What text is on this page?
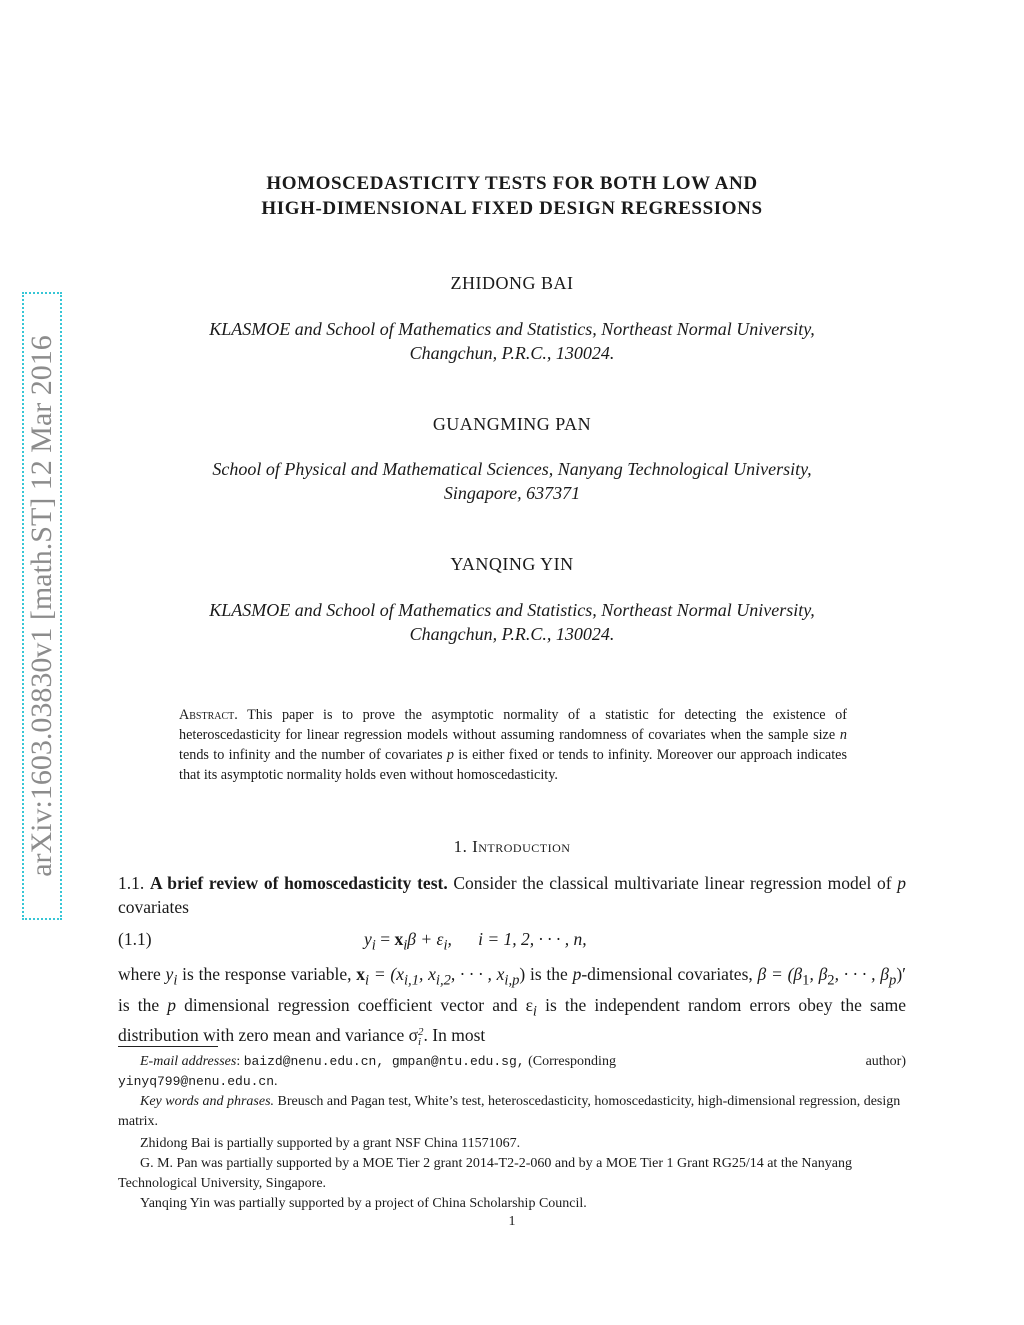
arXiv:1603.03830v1 [math.ST] 12 Mar 2016
HOMOSCEDASTICITY TESTS FOR BOTH LOW AND
HIGH-DIMENSIONAL FIXED DESIGN REGRESSIONS
ZHIDONG BAI
KLASMOE and School of Mathematics and Statistics, Northeast Normal University,
Changchun, P.R.C., 130024.
GUANGMING PAN
School of Physical and Mathematical Sciences, Nanyang Technological University,
Singapore, 637371
YANQING YIN
KLASMOE and School of Mathematics and Statistics, Northeast Normal University,
Changchun, P.R.C., 130024.
Abstract. This paper is to prove the asymptotic normality of a statistic for detecting the existence of heteroscedasticity for linear regression models without assuming randomness of covariates when the sample size n tends to infinity and the number of covariates p is either fixed or tends to infinity. Moreover our approach indicates that its asymptotic normality holds even without homoscedasticity.
1. Introduction
1.1. A brief review of homoscedasticity test. Consider the classical multivariate linear regression model of p covariates
(1.1)	$y_i = x_i\beta + \varepsilon_i$,      i = 1, 2, · · · , n,
where $y_i$ is the response variable, $x_i = (x_{i,1}$, $x_{i,2}$, · · · , $x_{i,p}$) is the p-dimensional covariates, $\beta = (\beta_1$, $\beta_2$, · · · , $\beta_p)'$ is the p dimensional regression coefficient vector and $\varepsilon_i$ is the independent random errors obey the same distribution with zero mean and variance σ 2
i . In most
E-mail addresses: baizd@nenu.edu.cn, gmpan@ntu.edu.sg, (Corresponding	author)
yinyq799@nenu.edu.cn.
Key words and phrases. Breusch and Pagan test, White’s test, heteroscedasticity, homoscedasticity, high-dimensional regression, design matrix.
Zhidong Bai is partially supported by a grant NSF China 11571067.
G. M. Pan was partially supported by a MOE Tier 2 grant 2014-T2-2-060 and by a MOE Tier 1 Grant RG25/14 at the Nanyang Technological University, Singapore.
Yanqing Yin was partially supported by a project of China Scholarship Council.
1
